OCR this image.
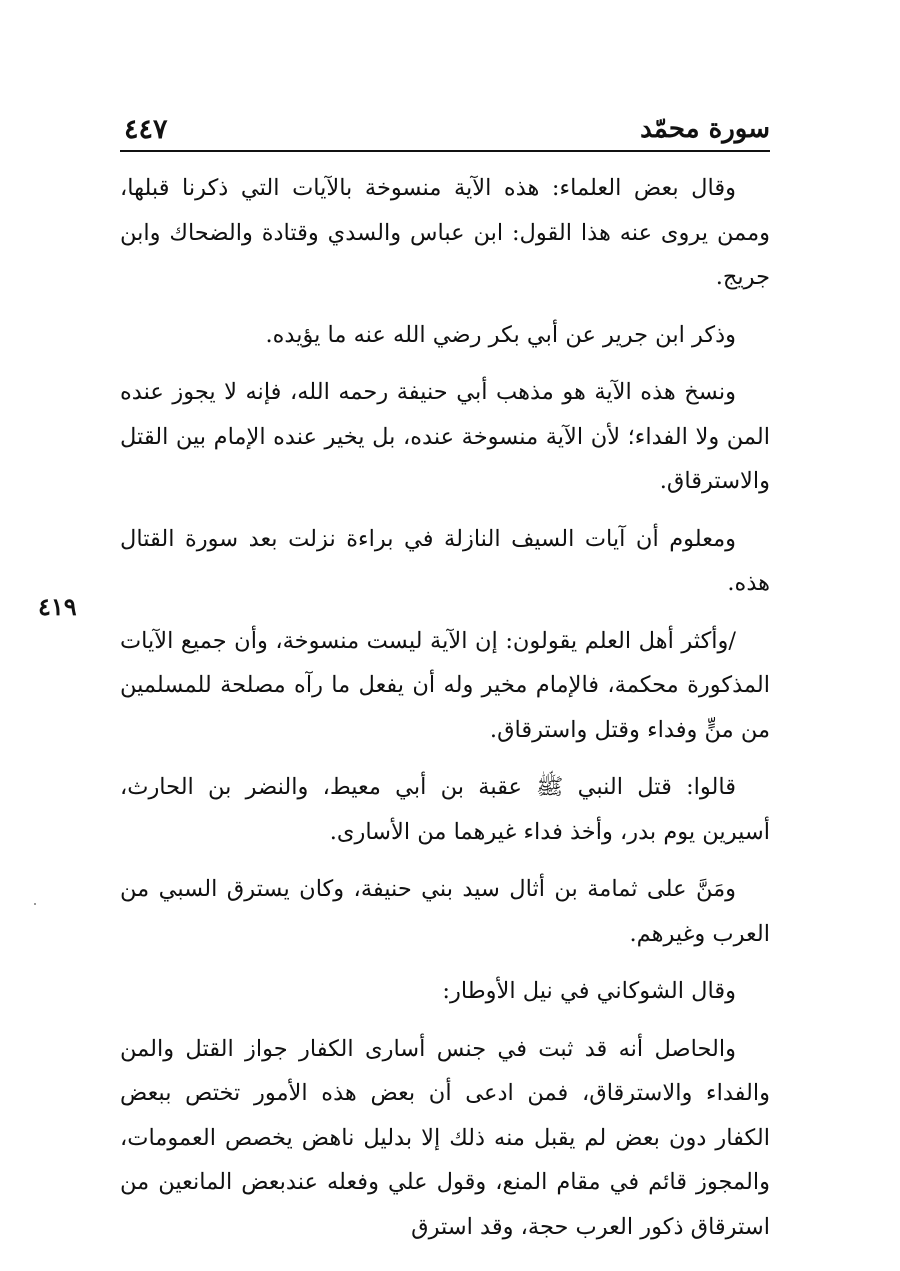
سورة محمّد
٤٤٧
٤١٩

وقال بعض العلماء: هذه الآية منسوخة بالآيات التي ذكرنا قبلها، وممن يروى عنه هذا القول: ابن عباس والسدي وقتادة والضحاك وابن جريج.

وذكر ابن جرير عن أبي بكر رضي الله عنه ما يؤيده.

ونسخ هذه الآية هو مذهب أبي حنيفة رحمه الله، فإنه لا يجوز عنده المن ولا الفداء؛ لأن الآية منسوخة عنده، بل يخير عنده الإمام بين القتل والاسترقاق.

ومعلوم أن آيات السيف النازلة في براءة نزلت بعد سورة القتال هذه.

/وأكثر أهل العلم يقولون: إن الآية ليست منسوخة، وأن جميع الآيات المذكورة محكمة، فالإمام مخير وله أن يفعل ما رآه مصلحة للمسلمين من منٍّ وفداء وقتل واسترقاق.

قالوا: قتل النبي ﷺ عقبة بن أبي معيط، والنضر بن الحارث، أسيرين يوم بدر، وأخذ فداء غيرهما من الأسارى.

ومَنَّ على ثمامة بن أثال سيد بني حنيفة، وكان يسترق السبي من العرب وغيرهم.

وقال الشوكاني في نيل الأوطار:

والحاصل أنه قد ثبت في جنس أسارى الكفار جواز القتل والمن والفداء والاسترقاق، فمن ادعى أن بعض هذه الأمور تختص ببعض الكفار دون بعض لم يقبل منه ذلك إلا بدليل ناهض يخصص العمومات، والمجوز قائم في مقام المنع، وقول علي وفعله عندبعض المانعين من استرقاق ذكور العرب حجة، وقد استرق
